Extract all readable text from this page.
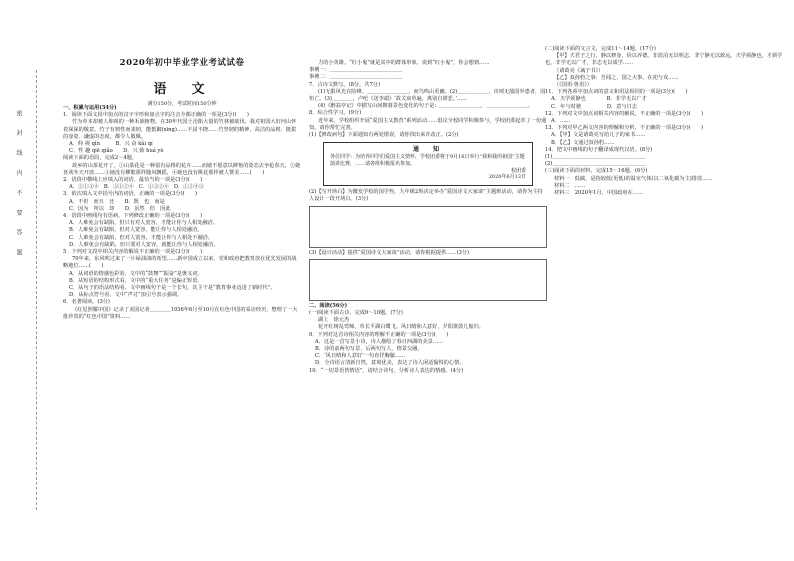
密 封 线 内 不 要 答 题
2020年初中毕业学业考试试卷
语　文
满分150分，考试时间150分钟
一、积累与运用(34分)
1．阅读下面文段中加点的汉字字形和加点字的注音全都正确的一项是(3分)(　　)
竹为草本却被人仰视的一种禾族植物。在30年代国土沦陷大量的竹林被砍伐，我对祖国大好河山怀着深深的敬意。竹子有韧性而柔韧，能抵御(xīng)……不屈不挠……竹坚韧的精神、高洁的品格、挺拔的身姿、谦虚的态度，都令人敬佩。
A．仰 视 qǐn　　　B．兴 奋 kǎi qí
C．性 趣 qiē qiǎo　　D．兴 致 huá yè
阅读下面的语段，完成2～4题。
故乡的山茶花开了。①山茶花是一种很有品格的花卉……而她不愿意以鲜艳的姿态去争抢春天，②她喜欢冬天开放……③她没有柳絮那样随风飘摇，④她也没有桃花那样被人赞美……(　　)
2．语段中横线上应填入的词语，最恰当的一项是(3分)(　　)
A．②①③④　B．③①②④　C．①③②④　D．①②④③
3．依次填入文中括号内的词语，正确的一项是(3分)(　　)
A．不但　而且　还　　B．既　也　而是
C．因为　所以　却　　D．虽然　但　因此
4．语段中画线句有语病，下列修改正确的一项是(3分)(　　)
A．人难免会有缺陷，但只有对人宽容，才能让你与人相处融洽。
B．人难免会有缺陷，但对人宽容，能让你与人相处融洽。
C．人难免会有缺陷，但对人宽容，才能让你与人相处不融洽。
D．人难免会有缺陷，但只要对人宽容，就能让你与人相处融洽。
5．下列对文段中相关内容的解说不正确的一项是(3分)(　　)
70年来，东风吹过来了一片绿油油的希望……新中国成立以来，党和政府把教育放在优先发展的战略地位……(　　)
A．从词语的情感色彩看，文中的“鼓舞”“振奋”是褒义词。
B．从短语的结构形式看，文中的“重大任务”是偏正短语。
C．从句子的语法结构看，文中画线句子是一个长句，其主干是“教育事业迈进了新时代”。
D．从标点符号看，文中“声讨”加引号表示强调。
6．名著阅读。(3分)
《红星照耀中国》记录了美国记者＿＿＿＿1936年6月至10月在红色中国的采访经历，整理了一大批珍贵的“红色中国”资料……
力的小英雄。“红小鬼”就是其中的群体形象，说到“红小鬼”，你会想到……
事例一：＿＿＿＿＿＿＿＿＿＿＿＿＿＿
事例二：＿＿＿＿＿＿＿＿＿＿＿＿＿＿
7．古诗文默写。(8分，共7分)
(1)无限风光在险峰。＿＿＿＿＿＿＿＿，而鸟鸣山更幽。(2)＿＿＿＿＿＿，出则无敌国外患者，国恒亡。(3)＿＿＿＿，卢纶《送李端》‘故关衰草遍，离别自堪悲。’……
(4)《醉翁亭记》中描写山间朝暮景色变化的句子是：＿＿＿＿＿＿＿＿，＿＿＿＿＿＿＿＿。
8．综合性学习。(9分)
近年来，学校组织开展“爱国主义教育”系列活动……倡议全校同学积极参与，学校团委起草了一份通知，请你帮忙完善。
(1)【修改病句】下面通知有两处错误，请你找出来并改正。(2分)
通　知
各位同学：为培养同学们爱国主义情怀，学校团委将于9月16日举行“我和我的祖国”主题演讲比赛，……请各班积极报名参加。
校团委
2020年6月13日
(2)【写开场白】为激发学校的国学热，九年级2班决定举办“爱国诗文大家谈”主题班活动，请你为主持人设计一段开场白。(3分)
(3)【设计活动】提供“爱国诗文大家谈”活动，请你根据提供……(3分)
二、阅读(56分)
(一)阅读下面古诗，完成9～10题。(7分)
湖上　徐元杰
花开红树乱莺啼，草长平湖白鹭飞。风日晴和人意好，夕阳箫鼓几船归。
9．下列对这首诗相关内容的理解不正确的一项是(3分)(　　)
A．这是一首写景小诗，诗人描绘了春日西湖的美景……
B．诗的前两句写景，后两句写人，情景交融。
C．‘风日晴和人意好’一句直抒胸臆……
D．全诗语言清新自然，意境优美，表达了诗人闲适愉悦的心情。
10．“一切景语皆情语”，请结合诗句，分析诗人表达的情感。(4分)
(二)阅读下面的文言文，完成11～14题。(17分)
【甲】夫君子之行，静以修身，俭以养德。非淡泊无以明志，非宁静无以致远。夫学须静也，才须学也，非学无以广才，非志无以成学……
（诸葛亮《诫子书》）
【乙】叔孙豹之事：吾闻之，国之大事，在祀与戎……
（《国语·鲁语》）
11．下列各项中加点词的意义和用法相同的一项是(3分)(　　)
A．夫学须静也　　　　B．非学无以广才
C．年与时驰　　　　　D．意与日去
12．下列对文中加点词相关内容的解说，不正确的一项是(3分)(　　)
A．……
13．下列对甲乙两文内容的理解和分析，不正确的一项是(3分)(　　)
A．【甲】文是诸葛亮写给儿子的家书……
B．【乙】文通过叔孙豹……
14．把文中画线的句子翻译成现代汉语。(8分)
(1)＿＿＿＿＿＿＿＿＿＿＿＿＿＿＿＿＿＿
(2)＿＿＿＿＿＿＿＿＿＿＿＿＿＿＿＿＿＿
(三)阅读下面的材料，完成15～16题。(6分)
材料一　低碳，是指较低(更低)的温室气体(以二氧化碳为主)排放……
材料二　……
材料三　2020年1月，中国政府在……
